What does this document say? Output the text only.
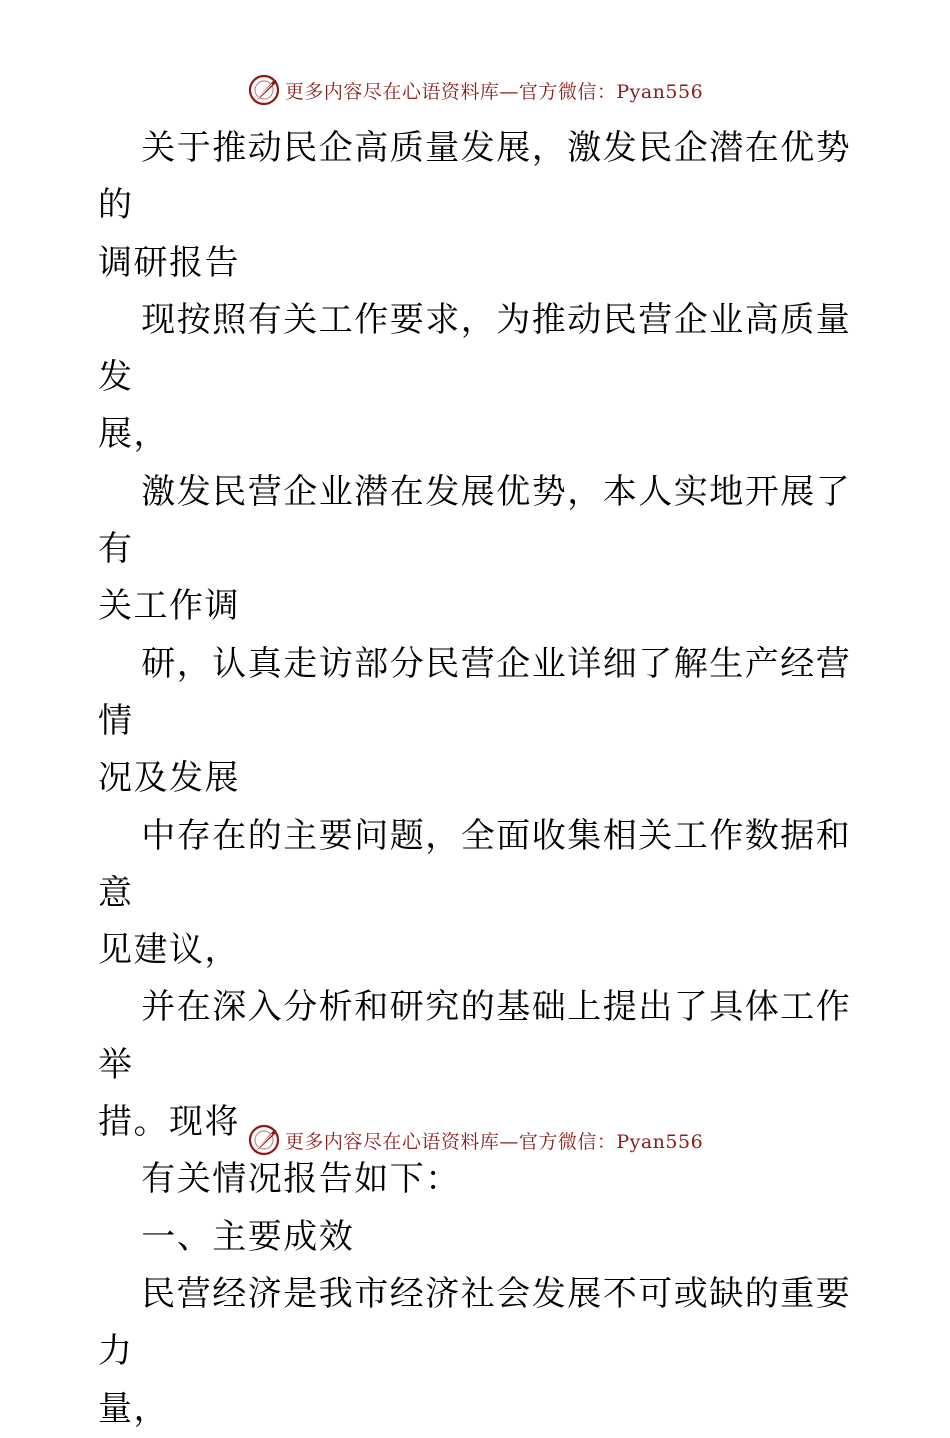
更多内容尽在心语资料库—官方微信：Pyan556

关于推动民企高质量发展，激发民企潜在优势的
调研报告

现按照有关工作要求，为推动民营企业高质量发
展，

激发民营企业潜在发展优势，本人实地开展了有
关工作调

研，认真走访部分民营企业详细了解生产经营情
况及发展

中存在的主要问题，全面收集相关工作数据和意
见建议，

并在深入分析和研究的基础上提出了具体工作举
措。现将

有关情况报告如下：

一、主要成效

民营经济是我市经济社会发展不可或缺的重要力
量，

更多内容尽在心语资料库—官方微信：Pyan556
